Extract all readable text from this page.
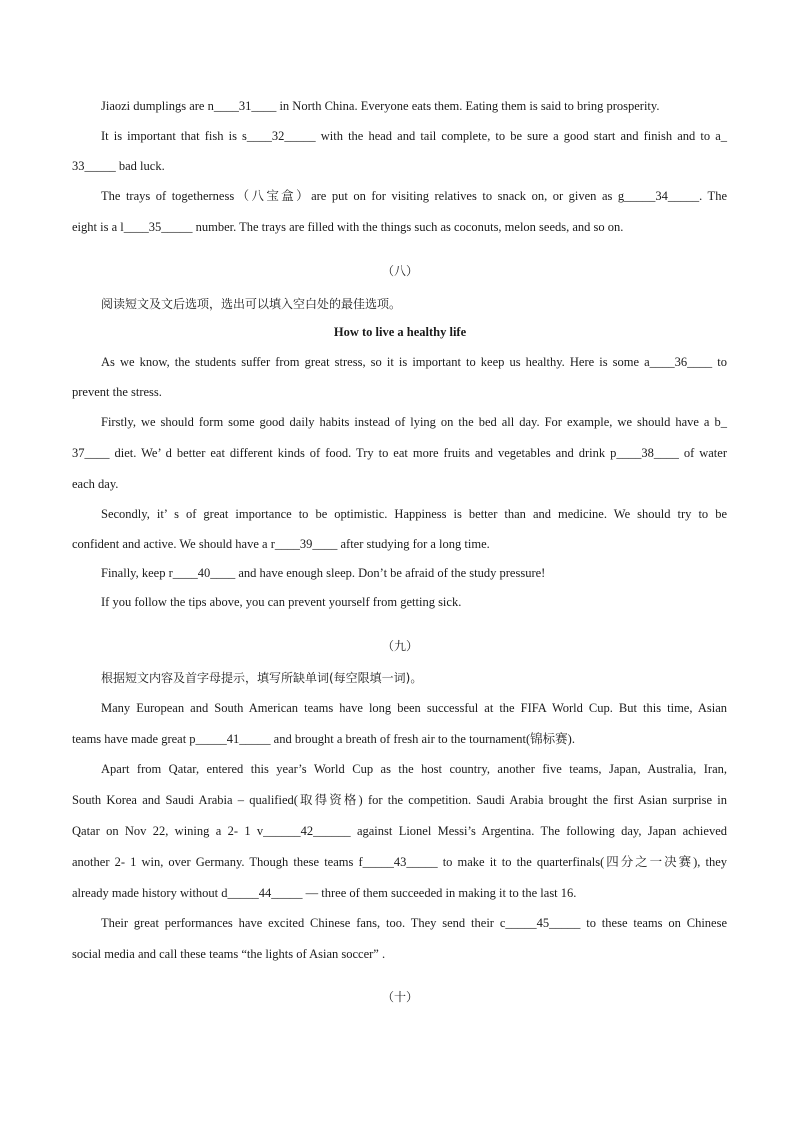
Jiaozi dumplings are n____31____ in North China. Everyone eats them. Eating them is said to bring prosperity.
It is important that fish is s____32_____ with the head and tail complete, to be sure a good start and finish and to a_
33_____ bad luck.
The trays of togetherness（八宝盒）are put on for visiting relatives to snack on, or given as g_____34_____. The
eight is a l____35_____ number. The trays are filled with the things such as coconuts, melon seeds, and so on.
（八）
阅读短文及文后选项，选出可以填入空白处的最佳选项。
How to live a healthy life
As we know, the students suffer from great stress, so it is important to keep us healthy. Here is some a____36____ to
prevent the stress.
Firstly, we should form some good daily habits instead of lying on the bed all day. For example, we should have a b_
37____ diet. We’ d better eat different kinds of food. Try to eat more fruits and vegetables and drink p____38____ of water
each day.
Secondly, it’ s of great importance to be optimistic. Happiness is better than and medicine. We should try to be
confident and active. We should have a r____39____ after studying for a long time.
Finally, keep r____40____ and have enough sleep. Don’t be afraid of the study pressure!
If you follow the tips above, you can prevent yourself from getting sick.
（九）
根据短文内容及首字母提示，填写所缺单词(每空限填一词)。
Many European and South American teams have long been successful at the FIFA World Cup. But this time, Asian
teams have made great p_____41_____ and brought a breath of fresh air to the tournament(锦标赛).
Apart from Qatar, entered this year’s World Cup as the host country, another five teams, Japan, Australia, Iran,
South Korea and Saudi Arabia – qualified(取得资格) for the competition. Saudi Arabia brought the first Asian surprise in
Qatar on Nov 22, wining a 2- 1 v______42______ against Lionel Messi’s Argentina. The following day, Japan achieved
another 2- 1 win, over Germany. Though these teams f_____43_____ to make it to the quarterfinals(四分之一决赛), they
already made history without d_____44_____ — three of them succeeded in making it to the last 16.
Their great performances have excited Chinese fans, too. They send their c_____45_____ to these teams on Chinese
social media and call these teams “the lights of Asian soccer” .
（十）
